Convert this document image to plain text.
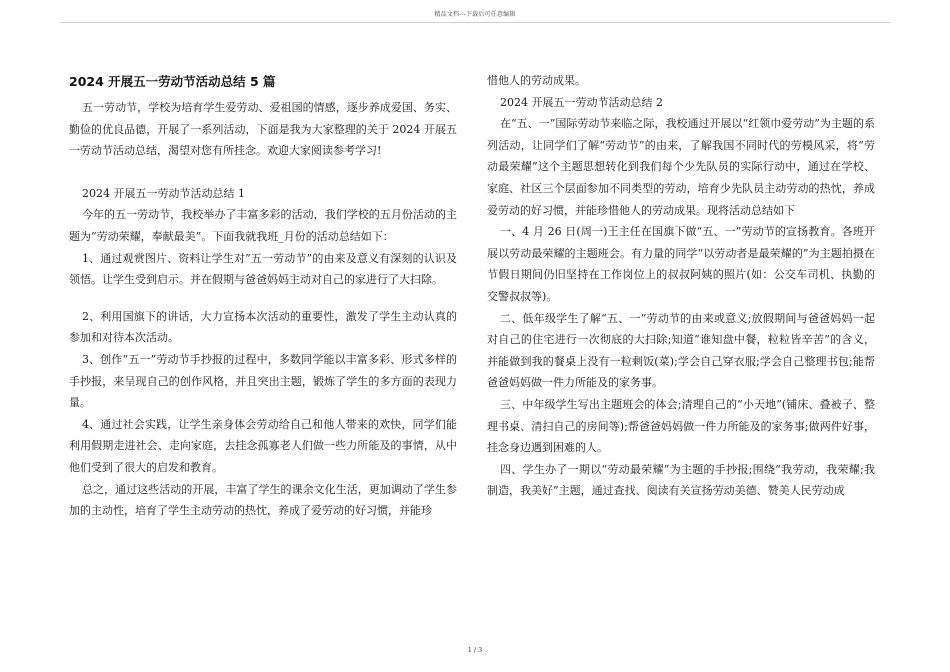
精品文档---下载后可任意编辑
2024 开展五一劳动节活动总结 5 篇

五一劳动节，学校为培育学生爱劳动、爱祖国的情感，逐步养成爱国、务实、勤俭的优良品德，开展了一系列活动，下面是我为大家整理的关于 2024 开展五一劳动节活动总结，渴望对您有所挂念。欢迎大家阅读参考学习!

2024 开展五一劳动节活动总结 1

今年的五一劳动节，我校举办了丰富多彩的活动，我们学校的五月份活动的主题为“劳动荣耀，奉献最美”。下面我就我班_月份的活动总结如下：

1、通过观赏图片、资料让学生对”五一劳动节”的由来及意义有深刻的认识及领悟。让学生受到启示。并在假期与爸爸妈妈主动对自己的家进行了大扫除。

2、利用国旗下的讲话，大力宣扬本次活动的重要性，激发了学生主动认真的参加和对待本次活动。

3、创作“五一”劳动节手抄报的过程中，多数同学能以丰富多彩、形式多样的手抄报，来呈现自己的创作风格，并且突出主题，锻炼了学生的多方面的表现力量。

4、通过社会实践，让学生亲身体会劳动给自己和他人带来的欢快，同学们能利用假期走进社会、走向家庭，去挂念孤寡老人们做一些力所能及的事情，从中他们受到了很大的启发和教育。

总之，通过这些活动的开展，丰富了学生的课余文化生活，更加调动了学生参加的主动性，培育了学生主动劳动的热忱，养成了爱劳动的好习惯，并能珍

惜他人的劳动成果。

2024 开展五一劳动节活动总结 2

在“五、一”国际劳动节来临之际，我校通过开展以“红领巾爱劳动”为主题的系列活动，让同学们了解“劳动节”的由来，了解我国不同时代的劳模风采，将“劳动最荣耀”这个主题思想转化到我们每个少先队员的实际行动中，通过在学校、家庭、社区三个层面参加不同类型的劳动，培育少先队员主动劳动的热忱，养成爱劳动的好习惯，并能珍惜他人的劳动成果。现将活动总结如下

一、4 月 26 日(周一)王主任在国旗下做“五、一”劳动节的宣扬教育。各班开展以劳动最荣耀的主题班会。有力量的同学“以劳动者是最荣耀的”为主题拍摄在节假日期间仍旧坚持在工作岗位上的叔叔阿姨的照片(如：公交车司机、执勤的交警叔叔等)。

二、低年级学生了解“五、一”劳动节的由来或意义;放假期间与爸爸妈妈一起对自己的住宅进行一次彻底的大扫除;知道“谁知盘中餐，粒粒皆辛苦”的含义，并能做到我的餐桌上没有一粒剩饭(菜);学会自己穿衣服;学会自己整理书包;能帮爸爸妈妈做一件力所能及的家务事。

三、中年级学生写出主题班会的体会;清理自己的“小天地”(铺床、叠被子、整理书桌、清扫自己的房间等);帮爸爸妈妈做一件力所能及的家务事;做两件好事，挂念身边遇到困难的人。

四、学生办了一期以“劳动最荣耀”为主题的手抄报;围绕“我劳动，我荣耀;我制造，我美好”主题，通过查找、阅读有关宣扬劳动美德、赞美人民劳动成

1 / 3
